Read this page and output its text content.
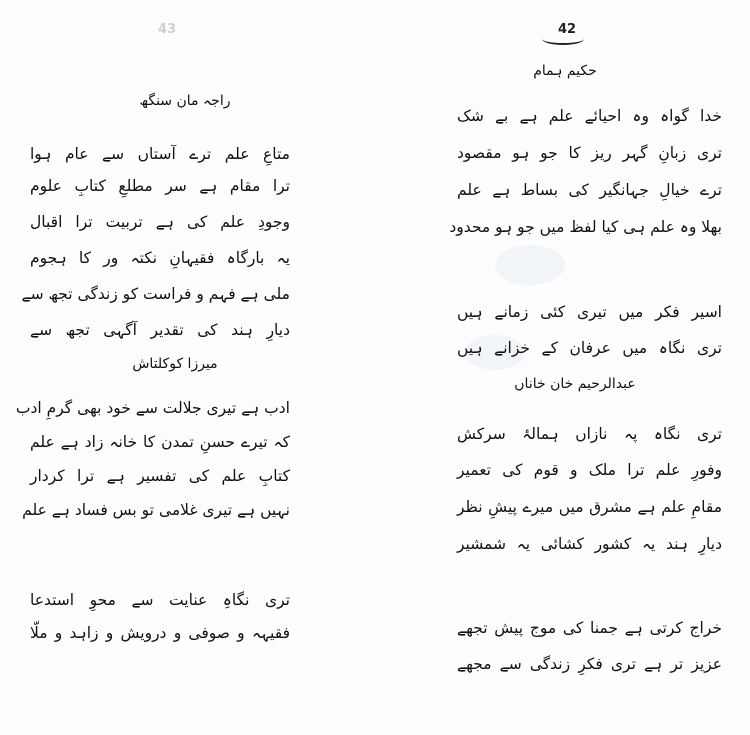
43
راجہ مان سنگھ
متاعِ علم ترے آستاں سے عام ہوا
ترا مقام ہے سر مطلعِ کتابِ علوم
وجودِ علم کی ہے تربیت ترا اقبال
یہ بارگاہ فقیہانِ نکتہ ور کا ہجوم
ملی ہے فہم و فراست کو زندگی تجھ سے
دیارِ ہند کی تقدیر آگہی تجھ سے
میرزا کوکلتاش
ادب ہے تیری جلالت سے خود بھی گرمِ ادب
کہ تیرے حسنِ تمدن کا خانہ زاد ہے علم
کتابِ علم کی تفسیر ہے ترا کردار
نہیں ہے تیری غلامی تو بس فساد ہے علم
تری نگاہِ عنایت سے محوِ استدعا
فقیہہ و صوفی و درویش و زاہد و ملّا
42
حکیم ہمام
خدا گواہ وہ احیائے علم ہے بے شک
تری زبانِ گہر ریز کا جو ہو مقصود
ترے خیالِ جہانگیر کی بساط ہے علم
بھلا وہ علم ہی کیا لفظ میں جو ہو محدود
اسیر فکر میں تیری کئی زمانے ہیں
تری نگاہ میں عرفان کے خزانے ہیں
عبدالرحیم خان خاناں
تری نگاہ پہ نازاں ہمالۂ سرکش
وفورِ علم ترا ملک و قوم کی تعمیر
مقامِ علم ہے مشرق میں میرے پیشِ نظر
دیارِ ہند یہ کشور کشائی یہ شمشیر
خراج کرتی ہے جمنا کی موج پیش تجھے
عزیز تر ہے تری فکرِ زندگی سے مجھے
